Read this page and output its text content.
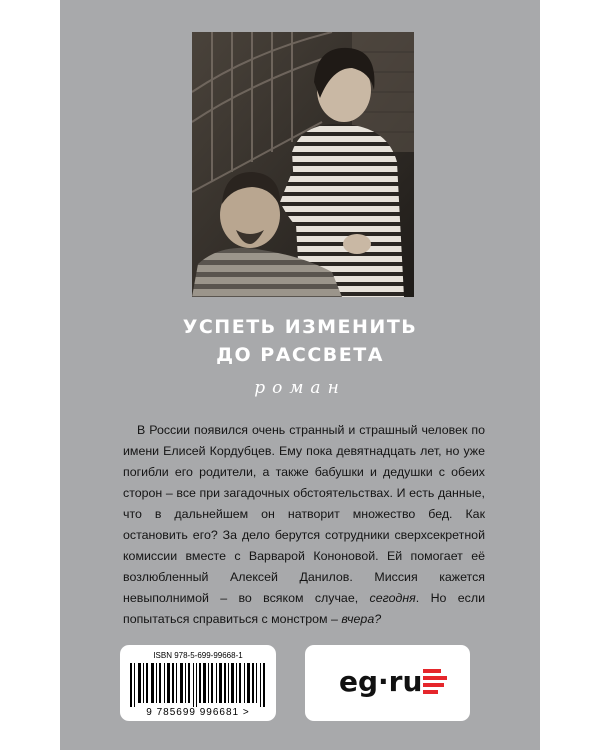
УСПЕТЬ ИЗМЕНИТЬ
ДО РАССВЕТА
роман

В России появился очень странный и страшный человек по имени Елисей Кордубцев. Ему пока девятнадцать лет, но уже погибли его родители, а также бабушки и дедушки с обеих сторон – все при загадочных обстоятельствах. И есть данные, что в дальнейшем он натворит множество бед. Как остановить его? За дело берутся сотрудники сверхсекретной комиссии вместе с Варварой Кононовой. Ей помогает её возлюбленный Алексей Данилов. Миссия кажется невыполнимой – во всяком случае, сегодня. Но если попытаться справиться с монстром – вчера?

ISBN 978-5-699-99668-1
9 785699 996681 >
eg·ru
